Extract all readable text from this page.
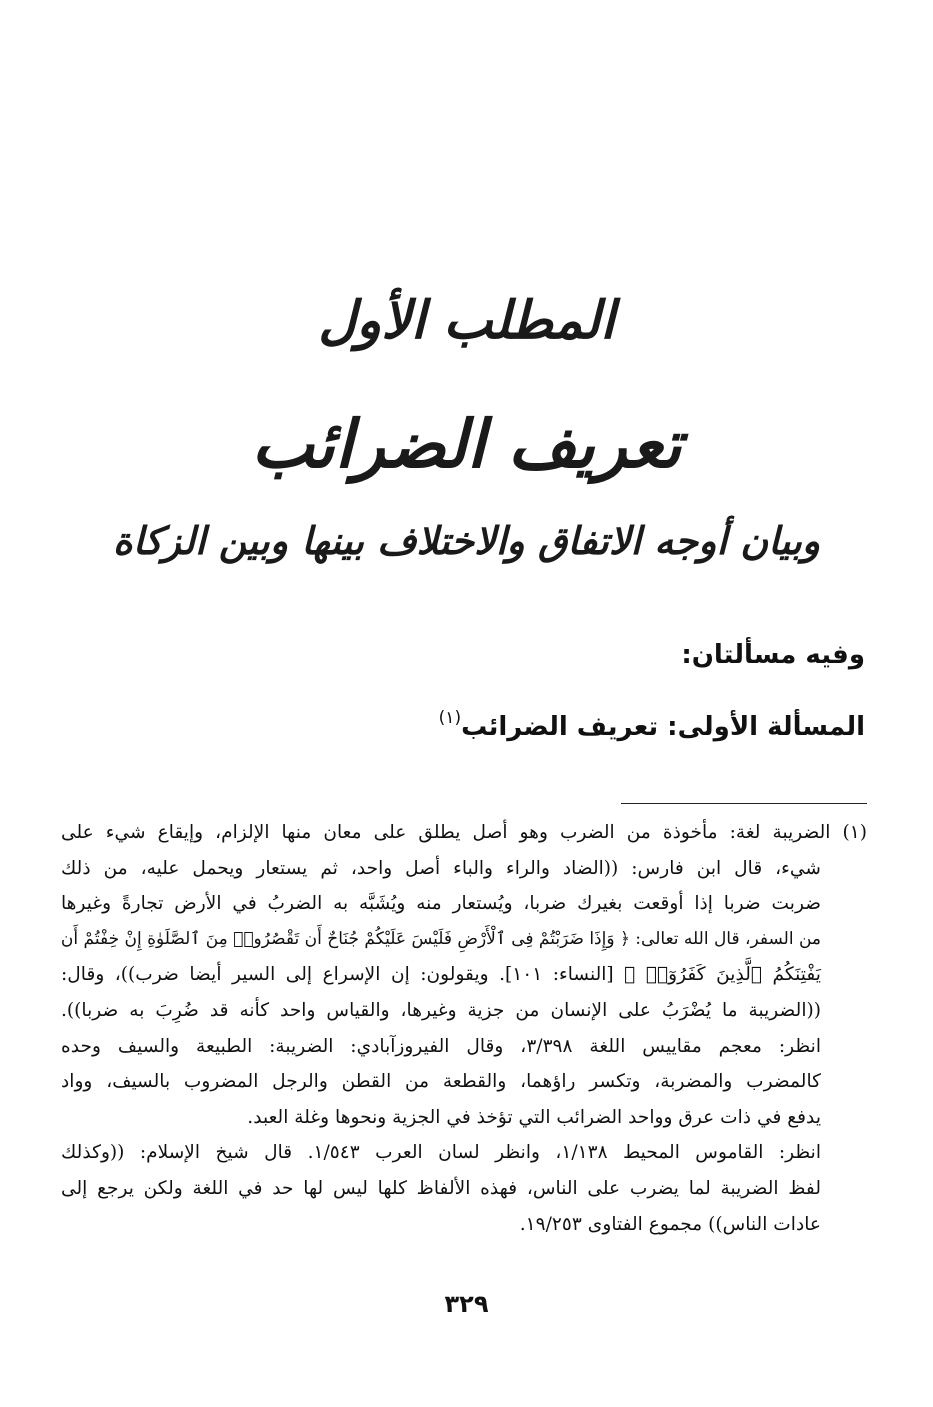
المطلب الأول
تعريف الضرائب
وبيان أوجه الاتفاق والاختلاف بينها وبين الزكاة
وفيه مسألتان:
المسألة الأولى: تعريف الضرائب$^{(١)}$
(١) الضريبة لغة: مأخوذة من الضرب وهو أصل يطلق على معان منها الإلزام، وإيقاع شيء على
شيء، قال ابن فارس: ((الضاد والراء والباء أصل واحد، ثم يستعار ويحمل عليه، من ذلك
ضربت ضربا إذا أوقعت بغيرك ضربا، ويُستعار منه ويُشَبَّه به الضربُ في الأرض تجارةً وغيرها
من السفر، قال الله تعالى: ﴿ وَإِذَا ضَرَبْتُمْ فِى ٱلْأَرْضِ فَلَيْسَ عَلَيْكُمْ جُنَاحٌ أَن تَقْصُرُوا۟ مِنَ ٱلصَّلَوٰةِ إِنْ خِفْتُمْ أَن
يَفْتِنَكُمُ ٱلَّذِينَ كَفَرُوٓا۟ ﴾ [النساء: ١٠١]. ويقولون: إن الإسراع إلى السير أيضا ضرب))، وقال:
((الضريبة ما يُضْرَبُ على الإنسان من جزية وغيرها، والقياس واحد كأنه قد ضُرِبَ به ضربا)).
انظر: معجم مقاييس اللغة ٣/٣٩٨، وقال الفيروزآبادي: الضريبة: الطبيعة والسيف وحده
كالمضرب والمضربة، وتكسر راؤهما، والقطعة من القطن والرجل المضروب بالسيف، وواد
يدفع في ذات عرق وواحد الضرائب التي تؤخذ في الجزية ونحوها وغلة العبد.
انظر: القاموس المحيط ١/١٣٨، وانظر لسان العرب ١/٥٤٣. قال شيخ الإسلام: ((وكذلك
لفظ الضريبة لما يضرب على الناس، فهذه الألفاظ كلها ليس لها حد في اللغة ولكن يرجع إلى
عادات الناس)) مجموع الفتاوى ١٩/٢٥٣.
٣٢٩
